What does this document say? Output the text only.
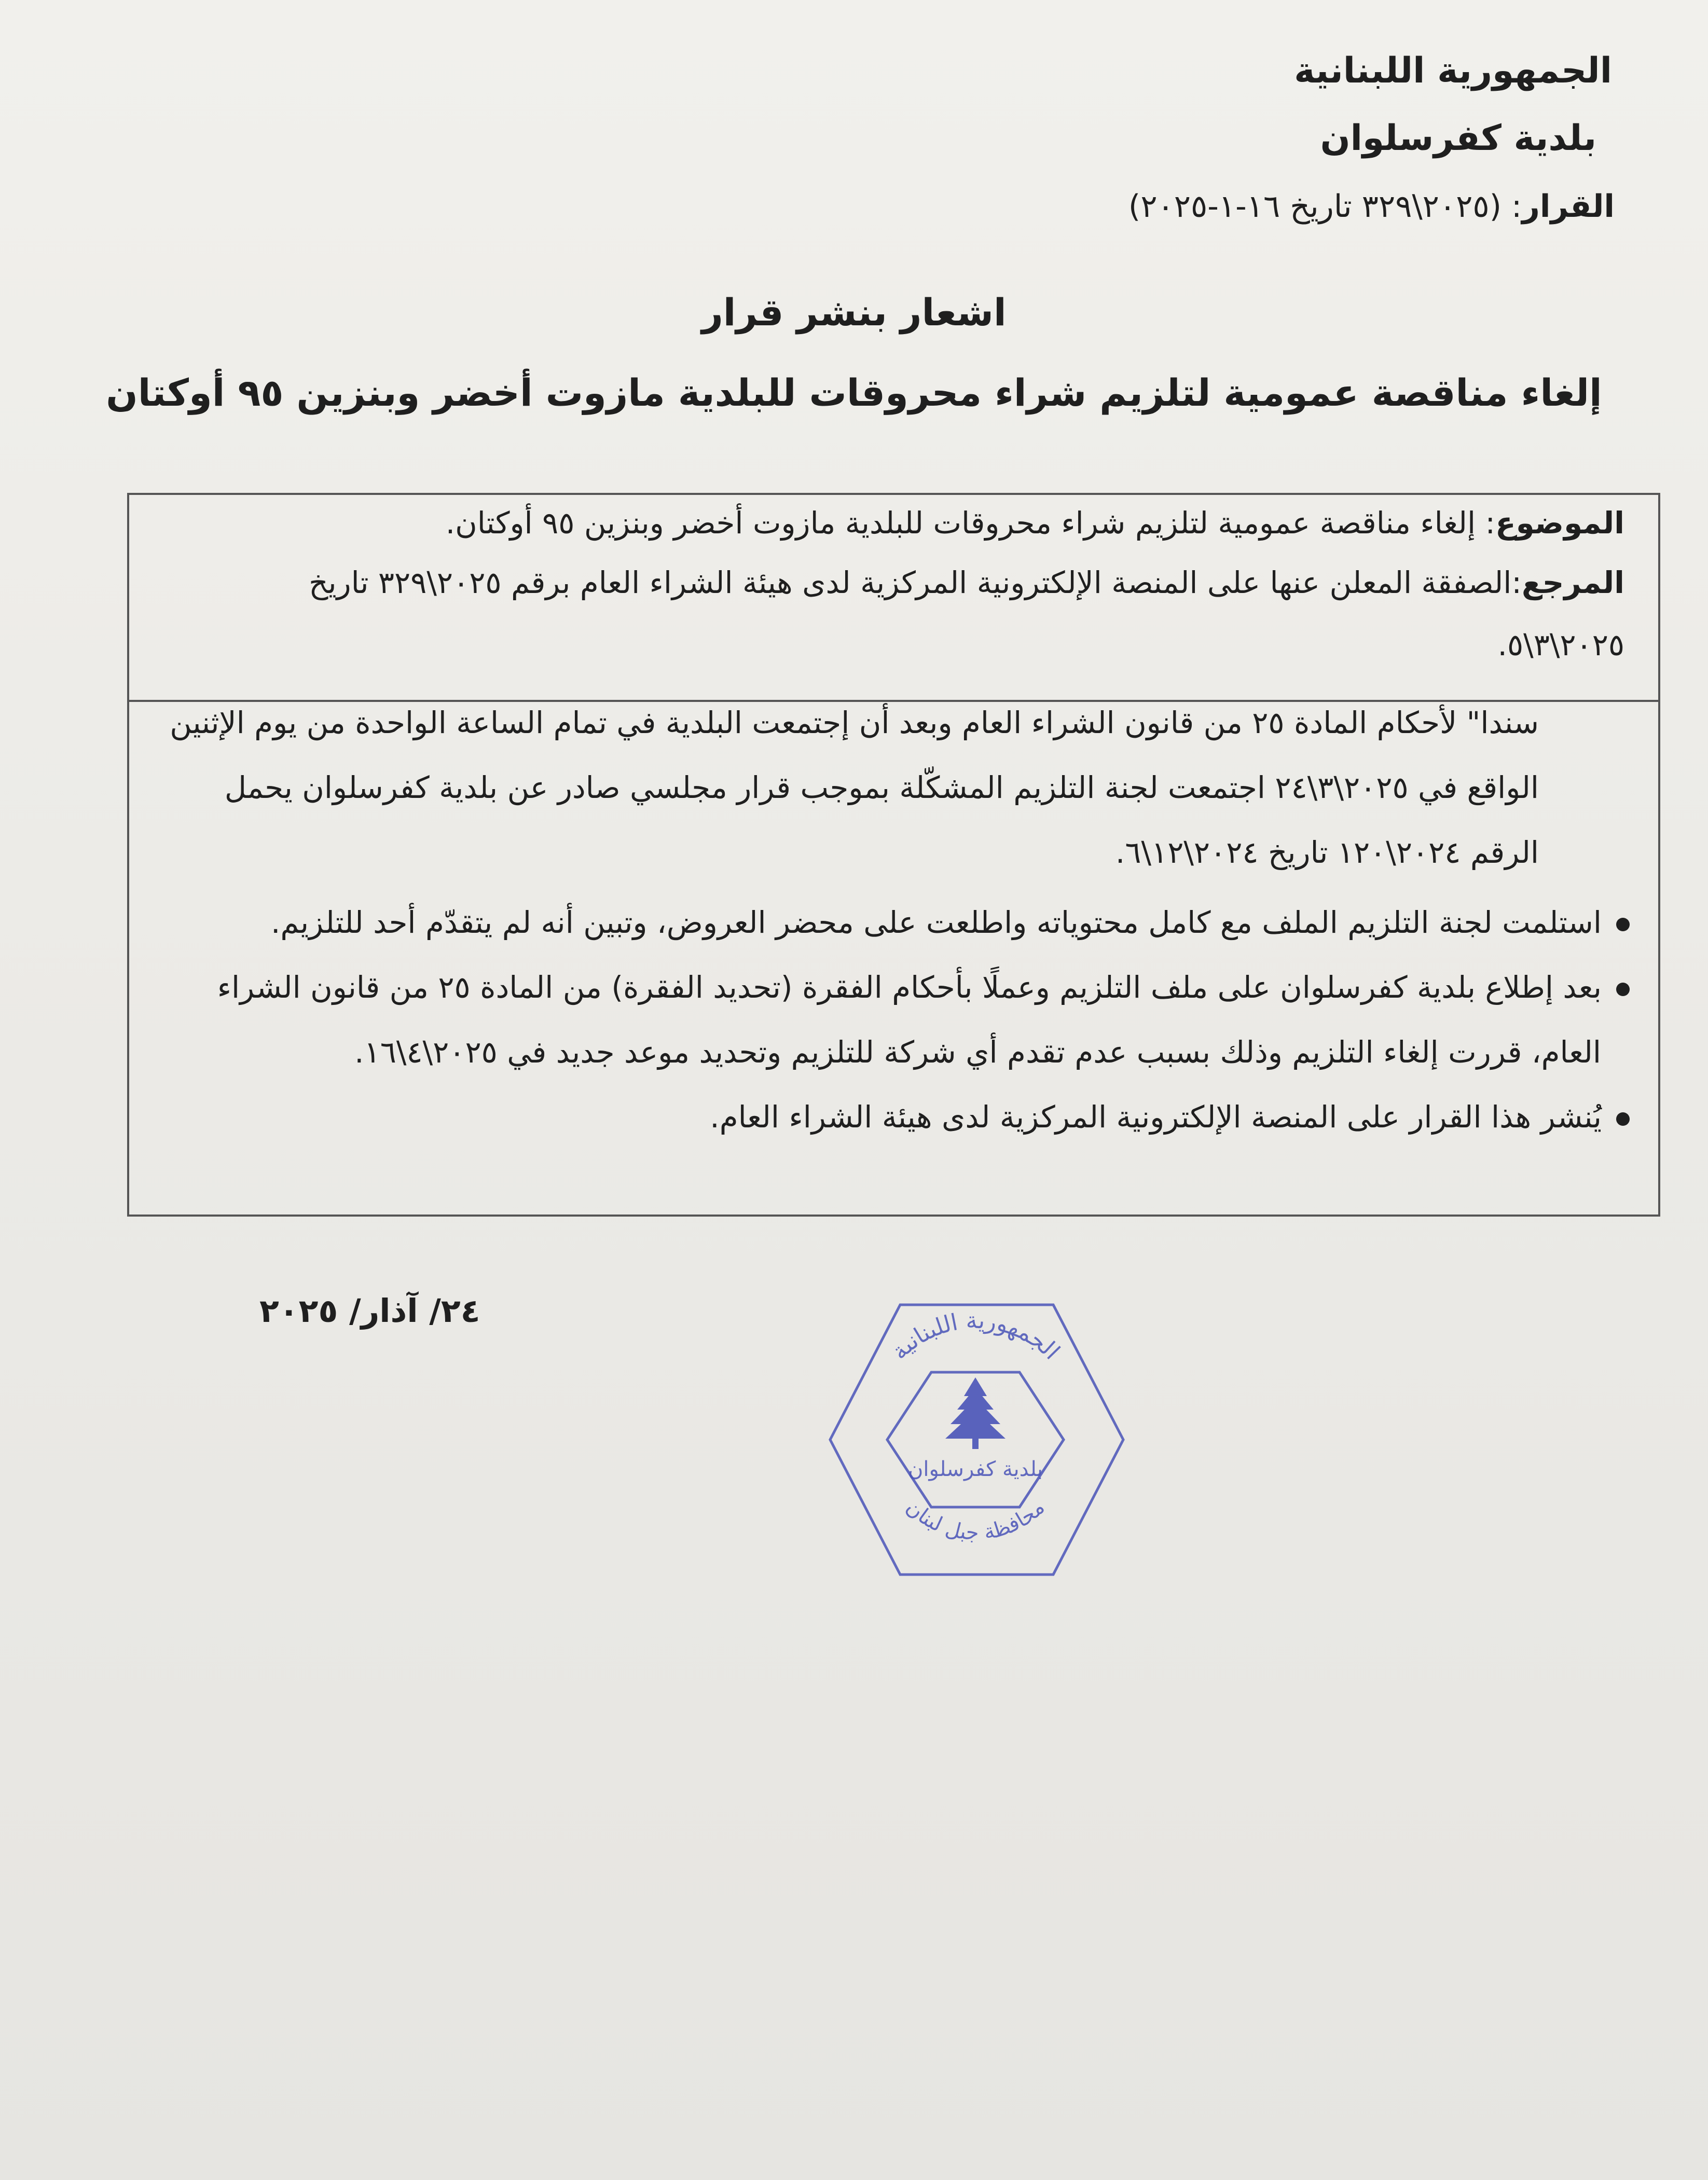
الجمهورية اللبنانية
بلدية كفرسلوان
القرار: (٢٠٢٥\٣٢٩ تاريخ ١٦-١-٢٠٢٥)
اشعار بنشر قرار
إلغاء مناقصة عمومية لتلزيم شراء محروقات للبلدية مازوت أخضر وبنزين ٩٥ أوكتان
الموضوع: إلغاء مناقصة عمومية لتلزيم شراء محروقات للبلدية مازوت أخضر وبنزين ٩٥ أوكتان.
المرجع:الصفقة المعلن عنها على المنصة الإلكترونية المركزية لدى هيئة الشراء العام برقم ٢٠٢٥\٣٢٩ تاريخ
٢٠٢٥\٣\٥.
سندا" لأحكام المادة ٢٥ من قانون الشراء العام وبعد أن إجتمعت البلدية في تمام الساعة الواحدة من يوم الإثنين
الواقع في ٢٠٢٥\٣\٢٤ اجتمعت لجنة التلزيم المشكّلة بموجب قرار مجلسي صادر عن بلدية كفرسلوان يحمل
الرقم ٢٠٢٤\١٢٠ تاريخ ٢٠٢٤\١٢\٦.
استلمت لجنة التلزيم الملف مع كامل محتوياته واطلعت على محضر العروض، وتبين أنه لم يتقدّم أحد للتلزيم.
بعد إطلاع بلدية كفرسلوان على ملف التلزيم وعملًا بأحكام الفقرة (تحديد الفقرة) من المادة ٢٥ من قانون الشراء
العام، قررت إلغاء التلزيم وذلك بسبب عدم تقدم أي شركة للتلزيم وتحديد موعد جديد في ٢٠٢٥\٤\١٦.
يُنشر هذا القرار على المنصة الإلكترونية المركزية لدى هيئة الشراء العام.
٢٤/ آذار/ ٢٠٢٥
الجمهورية اللبنانية
محافظة جبل لبنان
بلدية كفرسلوان
